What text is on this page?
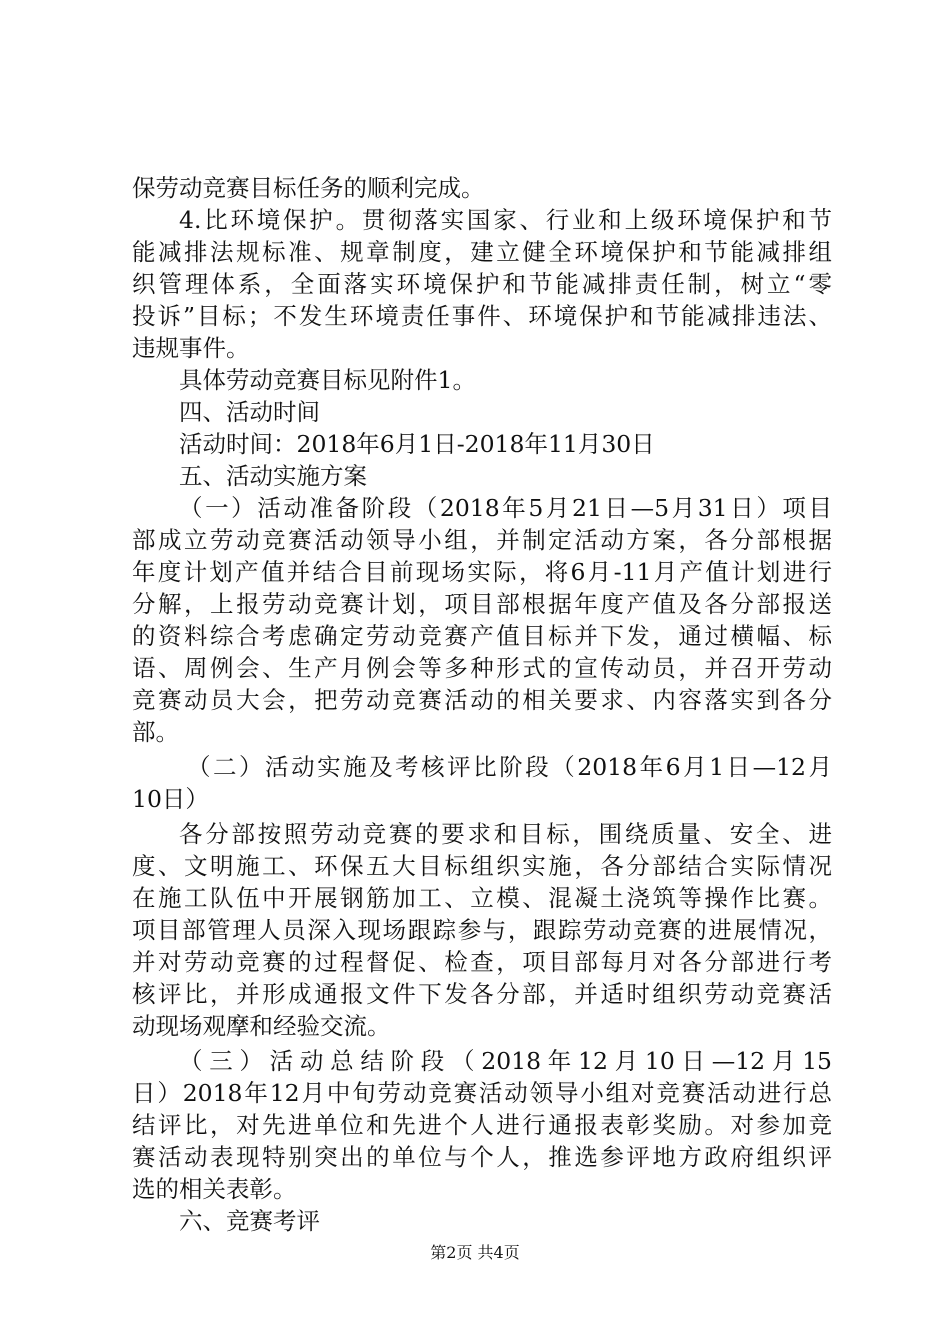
保劳动竞赛目标任务的顺利完成。
4.比环境保护。贯彻落实国家、行业和上级环境保护和节
能减排法规标准、规章制度，建立健全环境保护和节能减排组
织管理体系，全面落实环境保护和节能减排责任制，树立“零
投诉”目标；不发生环境责任事件、环境保护和节能减排违法、
违规事件。
具体劳动竞赛目标见附件1。
四、活动时间
活动时间：2018年6月1日-2018年11月30日
五、活动实施方案
（一）活动准备阶段（2018年5月21日—5月31日）项目
部成立劳动竞赛活动领导小组，并制定活动方案，各分部根据
年度计划产值并结合目前现场实际，将6月-11月产值计划进行
分解，上报劳动竞赛计划，项目部根据年度产值及各分部报送
的资料综合考虑确定劳动竞赛产值目标并下发，通过横幅、标
语、周例会、生产月例会等多种形式的宣传动员，并召开劳动
竞赛动员大会，把劳动竞赛活动的相关要求、内容落实到各分
部。
（二）活动实施及考核评比阶段（2018年6月1日—12月
10日）
各分部按照劳动竞赛的要求和目标，围绕质量、安全、进
度、文明施工、环保五大目标组织实施，各分部结合实际情况
在施工队伍中开展钢筋加工、立模、混凝土浇筑等操作比赛。
项目部管理人员深入现场跟踪参与，跟踪劳动竞赛的进展情况，
并对劳动竞赛的过程督促、检查，项目部每月对各分部进行考
核评比，并形成通报文件下发各分部，并适时组织劳动竞赛活
动现场观摩和经验交流。
（三）活动总结阶段（2018年12月10日—12月15
日）2018年12月中旬劳动竞赛活动领导小组对竞赛活动进行总
结评比，对先进单位和先进个人进行通报表彰奖励。对参加竞
赛活动表现特别突出的单位与个人，推选参评地方政府组织评
选的相关表彰。
六、竞赛考评
第2页 共4页
